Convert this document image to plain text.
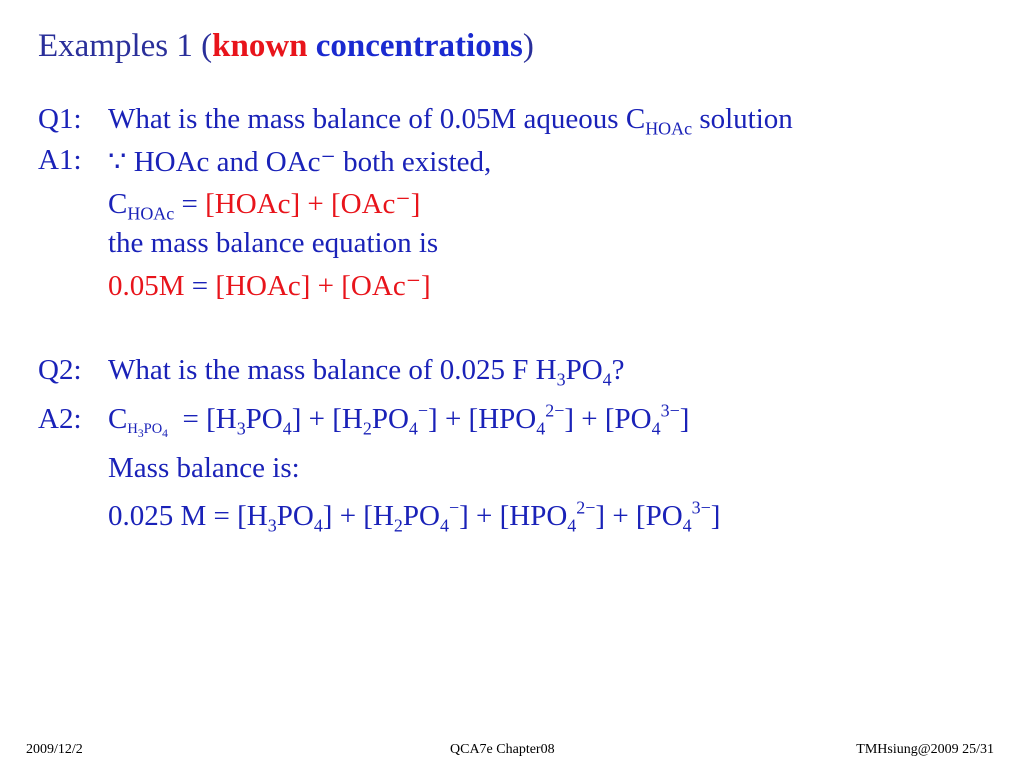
Examples 1 (known concentrations)
Q1: What is the mass balance of 0.05M aqueous $C_{HOAc}$ solution
A1: ∵ HOAc and OAc⁻ both existed,
$C_{HOAc}$ = [HOAc] + [OAc⁻]
the mass balance equation is
0.05M = [HOAc] + [OAc⁻]
Q2: What is the mass balance of 0.025 F $H_3PO_4$?
A2: $C_{H_3PO_4} = [H_3PO_4] + [H_2PO_4^-] + [HPO_4^{2-}] + [PO_4^{3-}]$
Mass balance is:
0.025 $M = [H_3PO_4] + [H_2PO_4^-] + [HPO_4^{2-}] + [PO_4^{3-}]$
2009/12/2	QCA7e Chapter08	TMHsiung@2009 25/31
